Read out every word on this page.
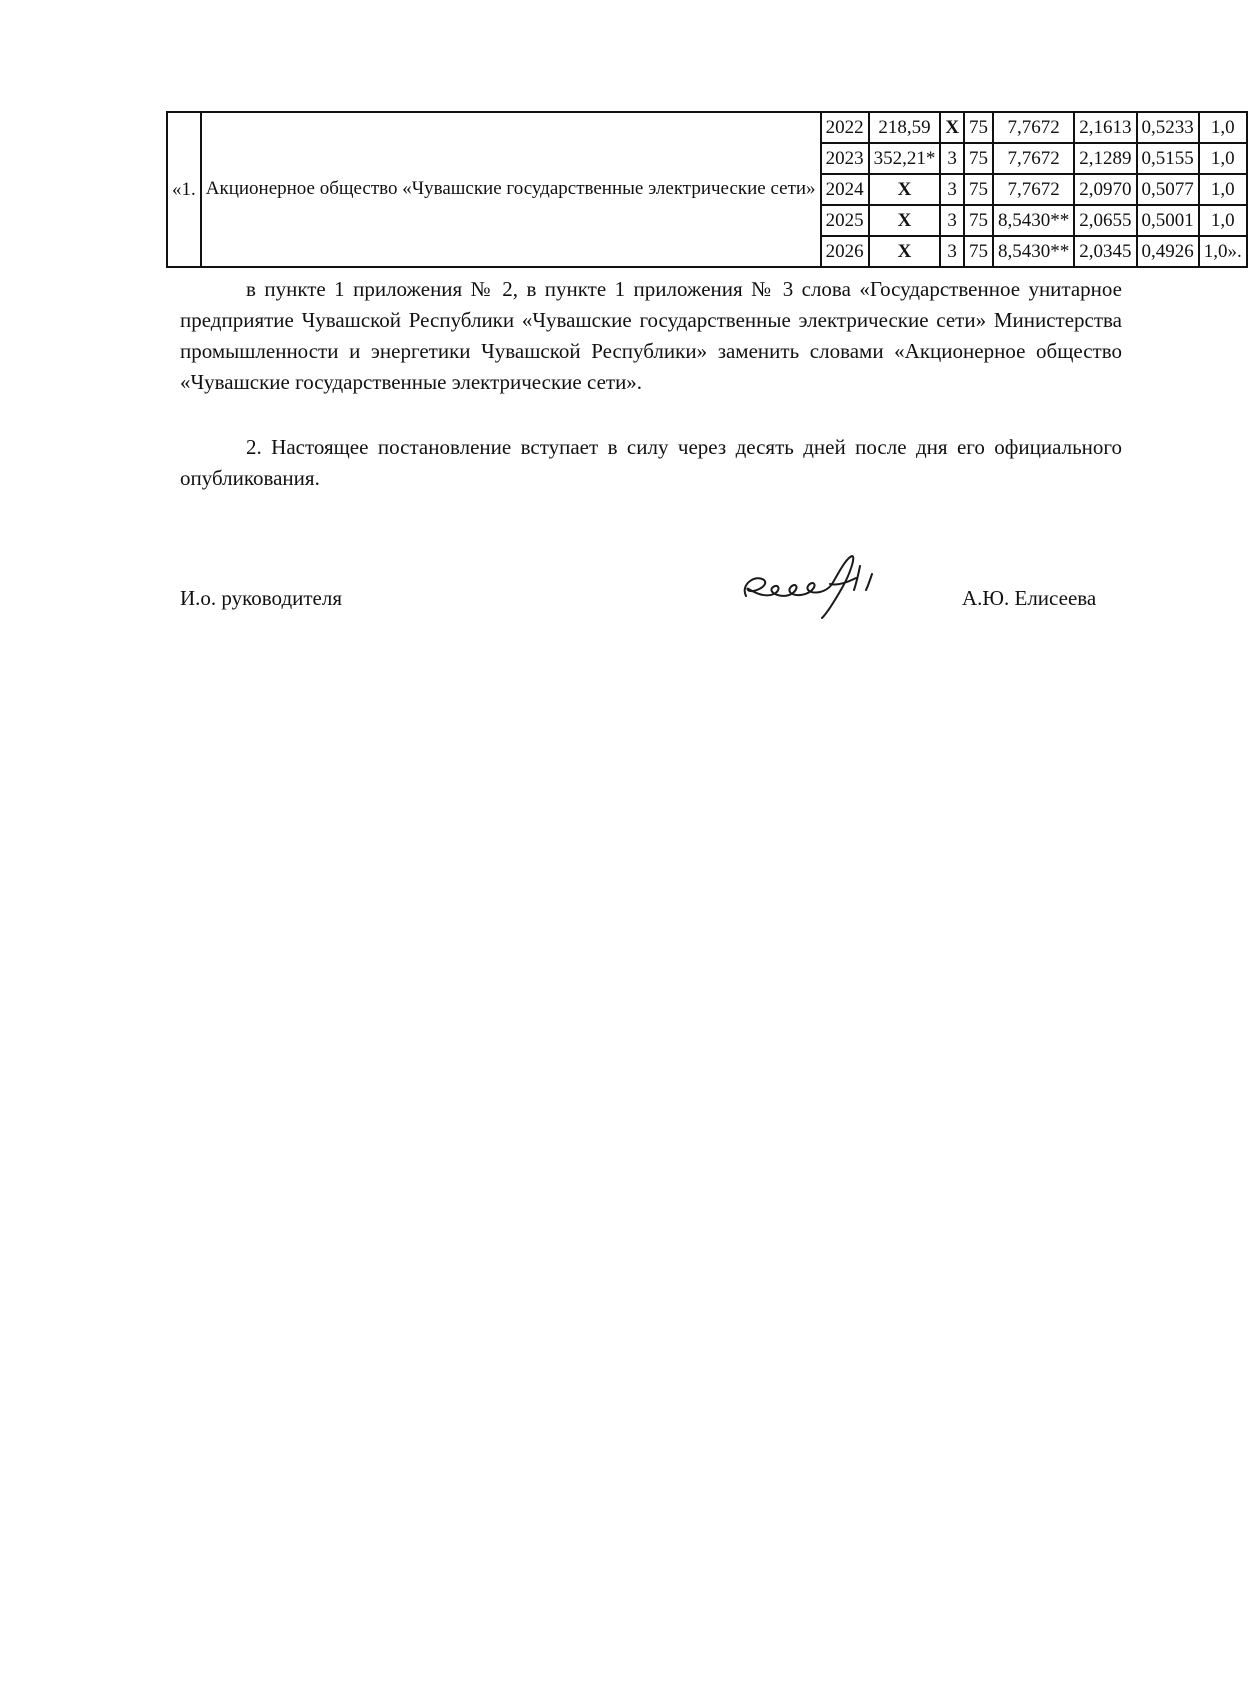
«1.	Акционерное общество «Чувашские государственные электрические сети»	2022	218,59	X	75	7,7672	2,1613	0,5233	1,0
		2023	352,21*	3	75	7,7672	2,1289	0,5155	1,0
		2024	X	3	75	7,7672	2,0970	0,5077	1,0
		2025	X	3	75	8,5430**	2,0655	0,5001	1,0
		2026	X	3	75	8,5430**	2,0345	0,4926	1,0».

в пункте 1 приложения № 2, в пункте 1 приложения № 3 слова «Государственное унитарное предприятие Чувашской Республики «Чувашские государственные электрические сети» Министерства промышленности и энергетики Чувашской Республики» заменить словами «Акционерное общество «Чувашские государственные электрические сети».

2. Настоящее постановление вступает в силу через десять дней после дня его официального опубликования.

И.о. руководителя	А.Ю. Елисеева
